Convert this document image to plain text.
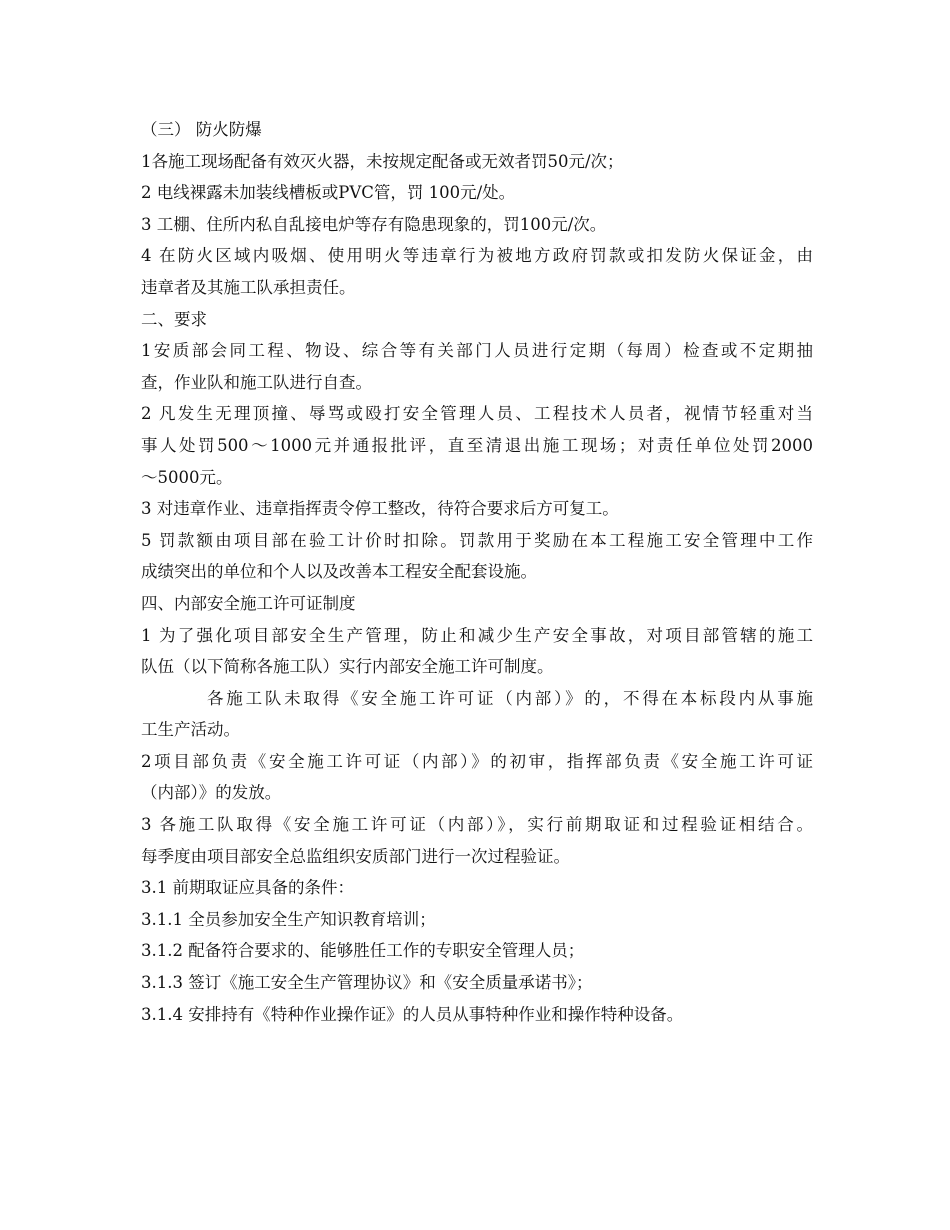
（三） 防火防爆
1各施工现场配备有效灭火器，未按规定配备或无效者罚50元/次；
2 电线裸露未加装线槽板或PVC管，罚 100元/处。
3 工棚、住所内私自乱接电炉等存有隐患现象的，罚100元/次。
4 在防火区域内吸烟、使用明火等违章行为被地方政府罚款或扣发防火保证金，由
违章者及其施工队承担责任。
二、要求
1安质部会同工程、物设、综合等有关部门人员进行定期（每周）检查或不定期抽
查，作业队和施工队进行自查。
2 凡发生无理顶撞、辱骂或殴打安全管理人员、工程技术人员者，视情节轻重对当
事人处罚500～1000元并通报批评，直至清退出施工现场；对责任单位处罚2000
～5000元。
3 对违章作业、违章指挥责令停工整改，待符合要求后方可复工。
5 罚款额由项目部在验工计价时扣除。罚款用于奖励在本工程施工安全管理中工作
成绩突出的单位和个人以及改善本工程安全配套设施。
四、内部安全施工许可证制度
1 为了强化项目部安全生产管理，防止和减少生产安全事故，对项目部管辖的施工
队伍（以下简称各施工队）实行内部安全施工许可制度。
各施工队未取得《安全施工许可证（内部）》的，不得在本标段内从事施
工生产活动。
2项目部负责《安全施工许可证（内部）》的初审，指挥部负责《安全施工许可证
（内部）》的发放。
3 各施工队取得《安全施工许可证（内部）》，实行前期取证和过程验证相结合。
每季度由项目部安全总监组织安质部门进行一次过程验证。
3.1 前期取证应具备的条件：
3.1.1 全员参加安全生产知识教育培训；
3.1.2 配备符合要求的、能够胜任工作的专职安全管理人员；
3.1.3 签订《施工安全生产管理协议》和《安全质量承诺书》；
3.1.4 安排持有《特种作业操作证》的人员从事特种作业和操作特种设备。
